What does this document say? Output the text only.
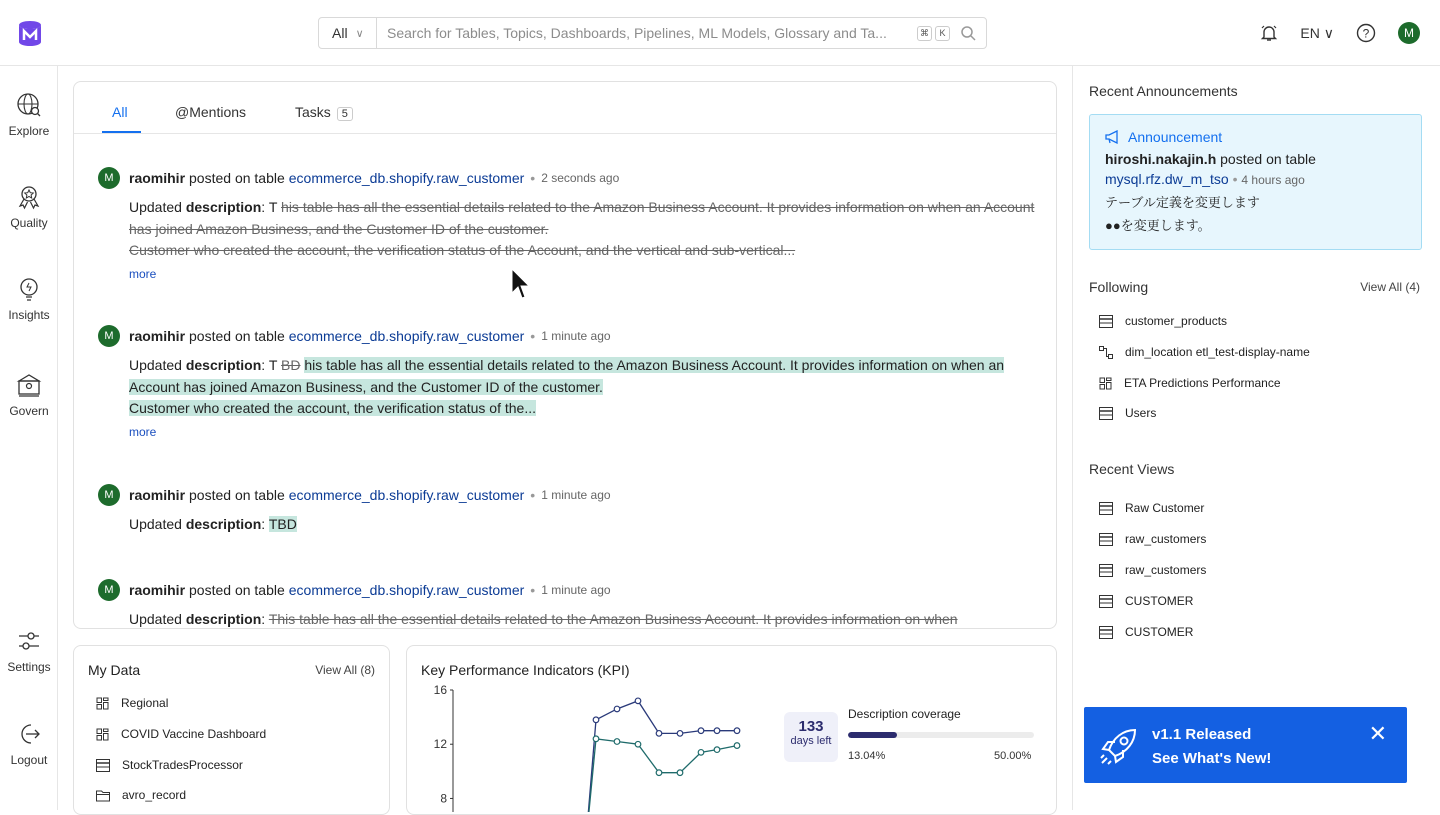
All ∨	Search for Tables, Topics, Dashboards, Pipelines, ML Models, Glossary and Ta...	⌘	K	EN ∨ ?	M
Explore
Quality
Insights
Govern
Settings
Logout
All	@Mentions	Tasks 5
M	raomihir posted on table ecommerce_db.shopify.raw_customer • 2 seconds ago
Updated description: T his table has all the essential details related to the Amazon Business Account. It provides information on when an Account has joined Amazon Business, and the Customer ID of the customer.
Customer who created the account, the verification status of the Account, and the vertical and sub-vertical...
more
M	raomihir posted on table ecommerce_db.shopify.raw_customer • 1 minute ago
Updated description: T BD his table has all the essential details related to the Amazon Business Account. It provides information on when an Account has joined Amazon Business, and the Customer ID of the customer.
Customer who created the account, the verification status of the...
more
M	raomihir posted on table ecommerce_db.shopify.raw_customer • 1 minute ago
Updated description: TBD
M	raomihir posted on table ecommerce_db.shopify.raw_customer • 1 minute ago
Updated description: This table has all the essential details related to the Amazon Business Account. It provides information on when
My Data	View All (8)
Regional
COVID Vaccine Dashboard
StockTradesProcessor
avro_record
Key Performance Indicators (KPI)
16
12
8
133
days left
Description coverage
13.04%	50.00%
Recent Announcements
Announcement
hiroshi.nakajin.h posted on table mysql.rfz.dw_m_tso • 4 hours ago
テーブル定義を変更します
●●を変更します。
Following	View All (4)
customer_products
dim_location etl_test-display-name
ETA Predictions Performance
Users
Recent Views
Raw Customer
raw_customers
raw_customers
CUSTOMER
CUSTOMER
v1.1 Released
See What's New!
✕
